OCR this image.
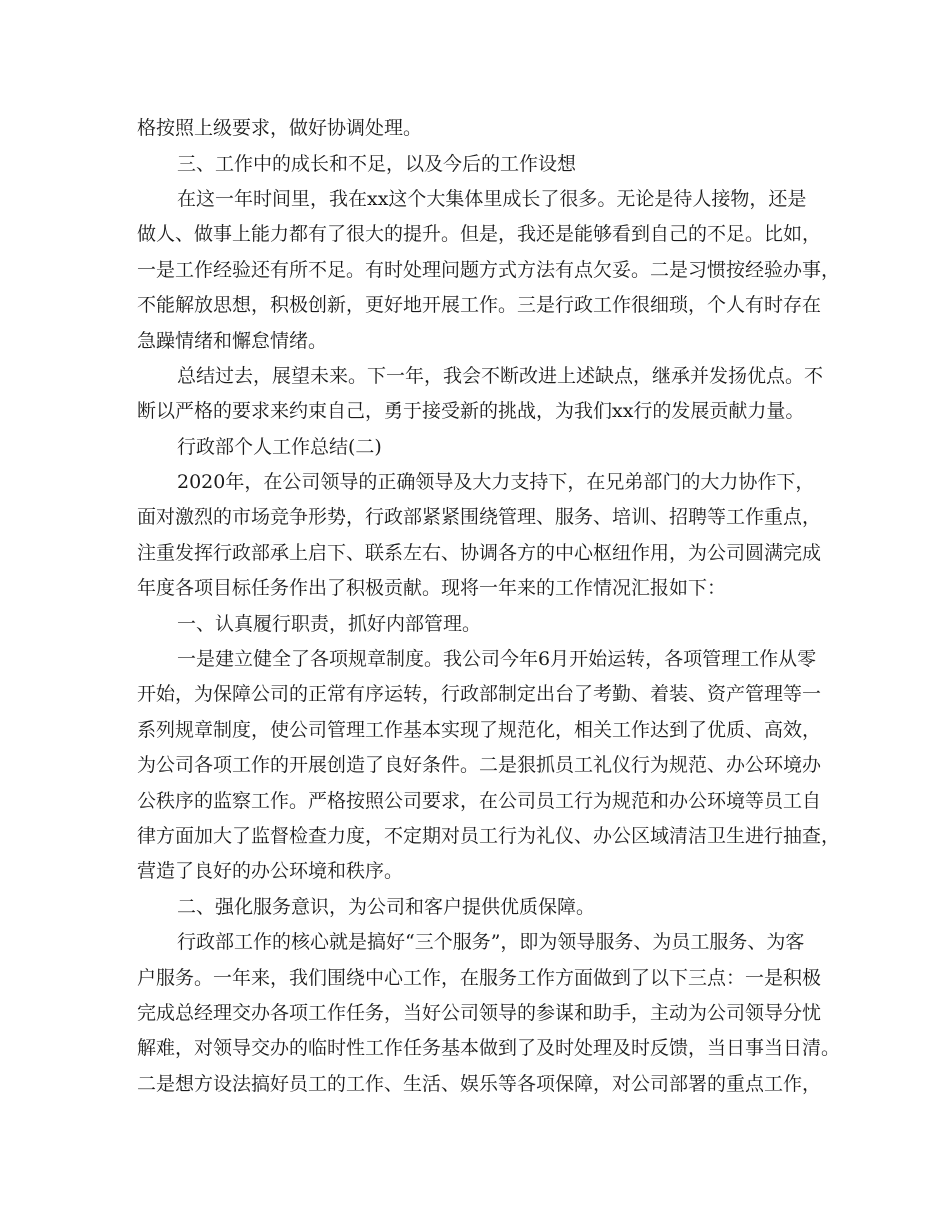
格按照上级要求，做好协调处理。
三、工作中的成长和不足，以及今后的工作设想
在这一年时间里，我在xx这个大集体里成长了很多。无论是待人接物，还是
做人、做事上能力都有了很大的提升。但是，我还是能够看到自己的不足。比如，
一是工作经验还有所不足。有时处理问题方式方法有点欠妥。二是习惯按经验办事，
不能解放思想，积极创新，更好地开展工作。三是行政工作很细琐，个人有时存在
急躁情绪和懈怠情绪。
总结过去，展望未来。下一年，我会不断改进上述缺点，继承并发扬优点。不
断以严格的要求来约束自己，勇于接受新的挑战，为我们xx行的发展贡献力量。
行政部个人工作总结(二)
2020年，在公司领导的正确领导及大力支持下，在兄弟部门的大力协作下，
面对激烈的市场竞争形势，行政部紧紧围绕管理、服务、培训、招聘等工作重点，
注重发挥行政部承上启下、联系左右、协调各方的中心枢纽作用，为公司圆满完成
年度各项目标任务作出了积极贡献。现将一年来的工作情况汇报如下：
一、认真履行职责，抓好内部管理。
一是建立健全了各项规章制度。我公司今年6月开始运转，各项管理工作从零
开始，为保障公司的正常有序运转，行政部制定出台了考勤、着装、资产管理等一
系列规章制度，使公司管理工作基本实现了规范化，相关工作达到了优质、高效，
为公司各项工作的开展创造了良好条件。二是狠抓员工礼仪行为规范、办公环境办
公秩序的监察工作。严格按照公司要求，在公司员工行为规范和办公环境等员工自
律方面加大了监督检查力度，不定期对员工行为礼仪、办公区域清洁卫生进行抽查，
营造了良好的办公环境和秩序。
二、强化服务意识，为公司和客户提供优质保障。
行政部工作的核心就是搞好“三个服务”，即为领导服务、为员工服务、为客
户服务。一年来，我们围绕中心工作，在服务工作方面做到了以下三点：一是积极
完成总经理交办各项工作任务，当好公司领导的参谋和助手，主动为公司领导分忧
解难，对领导交办的临时性工作任务基本做到了及时处理及时反馈，当日事当日清。
二是想方设法搞好员工的工作、生活、娱乐等各项保障，对公司部署的重点工作，
